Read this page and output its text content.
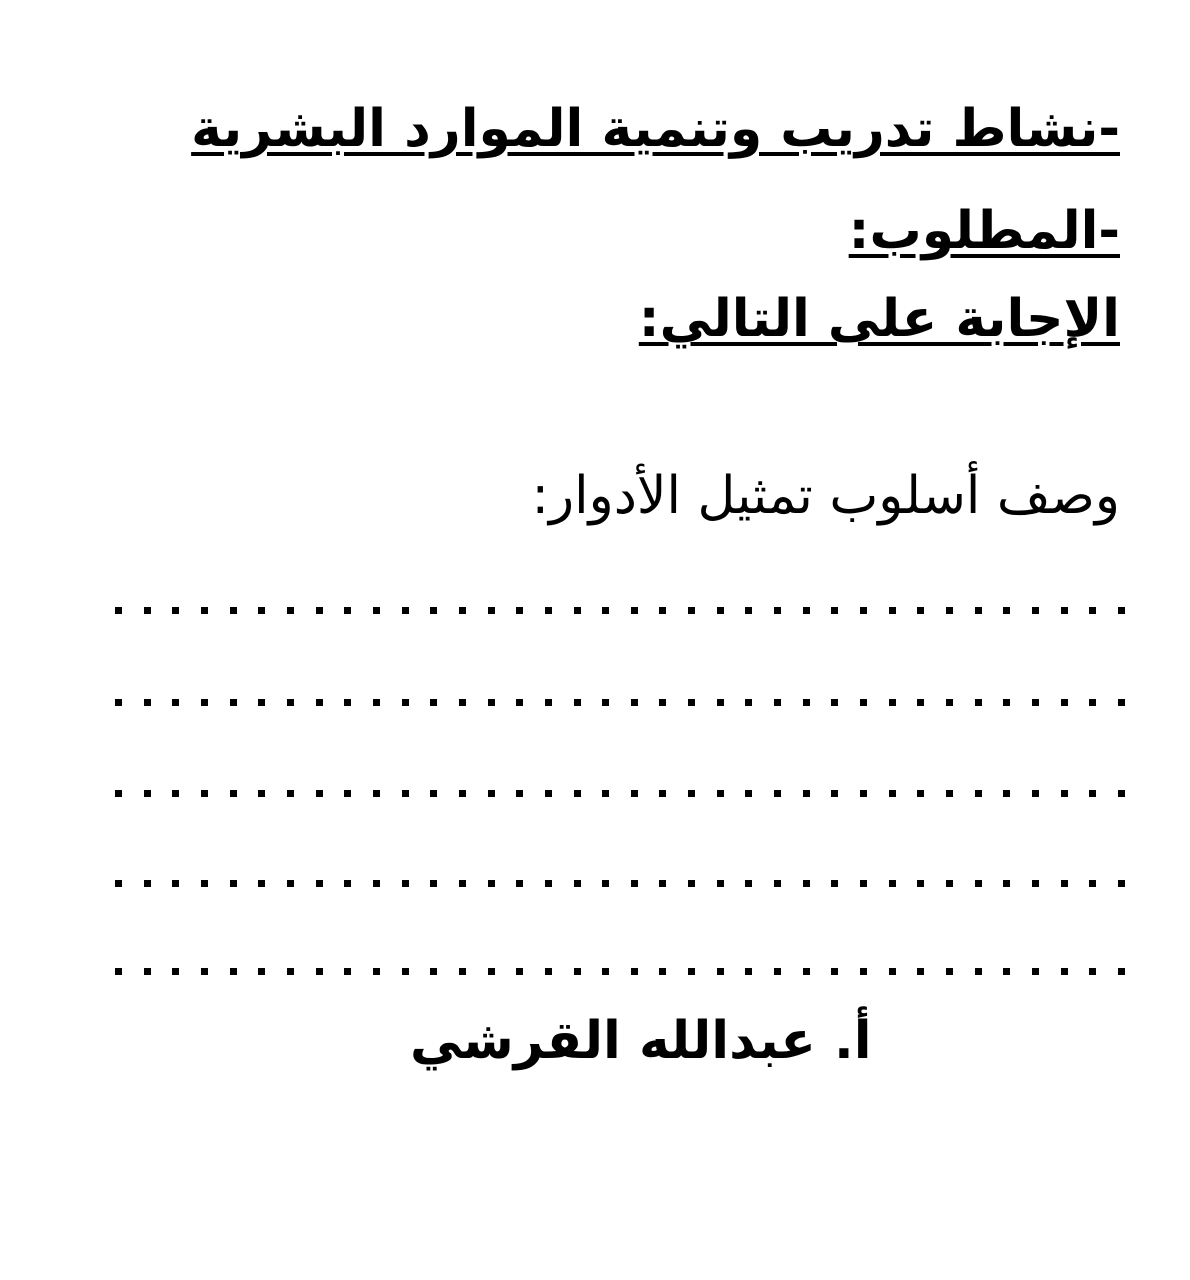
-نشاط تدريب وتنمية الموارد البشرية
-المطلوب:
الإجابة على التالي:
وصف أسلوب تمثيل الأدوار:
أ. عبدالله القرشي
